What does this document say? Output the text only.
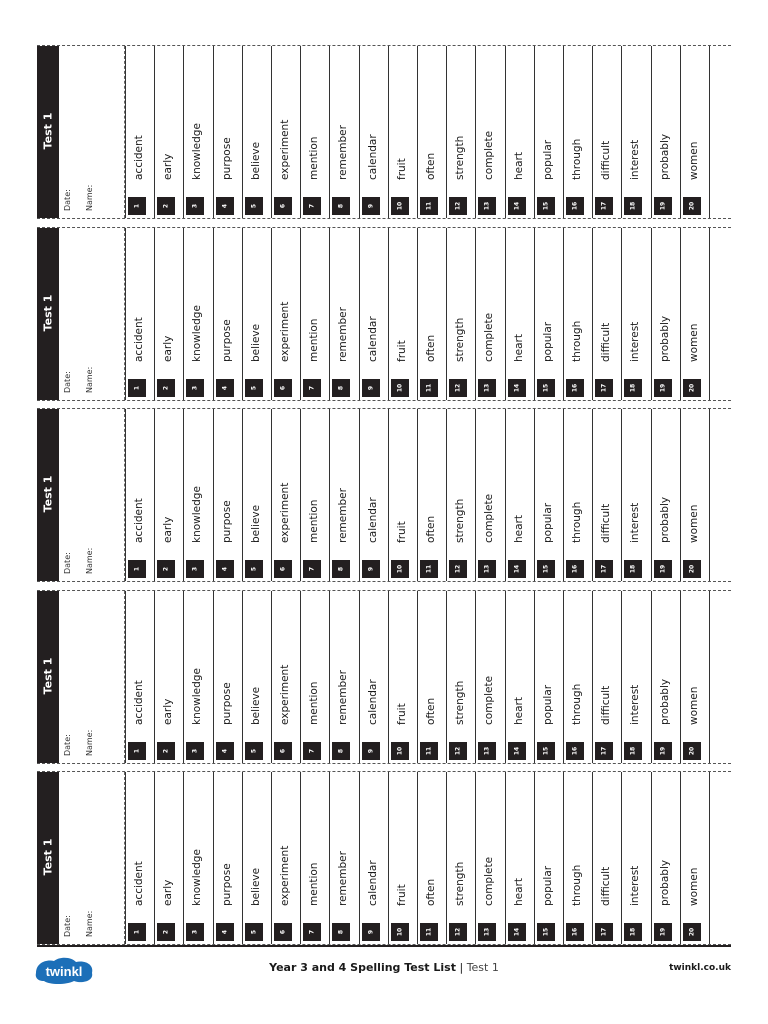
Test 1
Date: Name:	1
accident
2
early
3
knowledge
4
purpose
5
believe
6
experiment
7
mention
8
remember
9
calendar
10
fruit
11
often
12
strength
13
complete
14
heart
15
popular
16
through
17
difficult
18
interest
19
probably
20
women
Test 1
Date: Name:	1
accident
2
early
3
knowledge
4
purpose
5
believe
6
experiment
7
mention
8
remember
9
calendar
10
fruit
11
often
12
strength
13
complete
14
heart
15
popular
16
through
17
difficult
18
interest
19
probably
20
women
Test 1
Date: Name:	1
accident
2
early
3
knowledge
4
purpose
5
believe
6
experiment
7
mention
8
remember
9
calendar
10
fruit
11
often
12
strength
13
complete
14
heart
15
popular
16
through
17
difficult
18
interest
19
probably
20
women
Test 1
Date: Name:	1
accident
2
early
3
knowledge
4
purpose
5
believe
6
experiment
7
mention
8
remember
9
calendar
10
fruit
11
often
12
strength
13
complete
14
heart
15
popular
16
through
17
difficult
18
interest
19
probably
20
women
Test 1
Date: Name:	1
accident
2
early
3
knowledge
4
purpose
5
believe
6
experiment
7
mention
8
remember
9
calendar
10
fruit
11
often
12
strength
13
complete
14
heart
15
popular
16
through
17
difficult
18
interest
19
probably
20
women
twinkl	Year 3 and 4 Spelling Test List | Test 1	twinkl.co.uk
